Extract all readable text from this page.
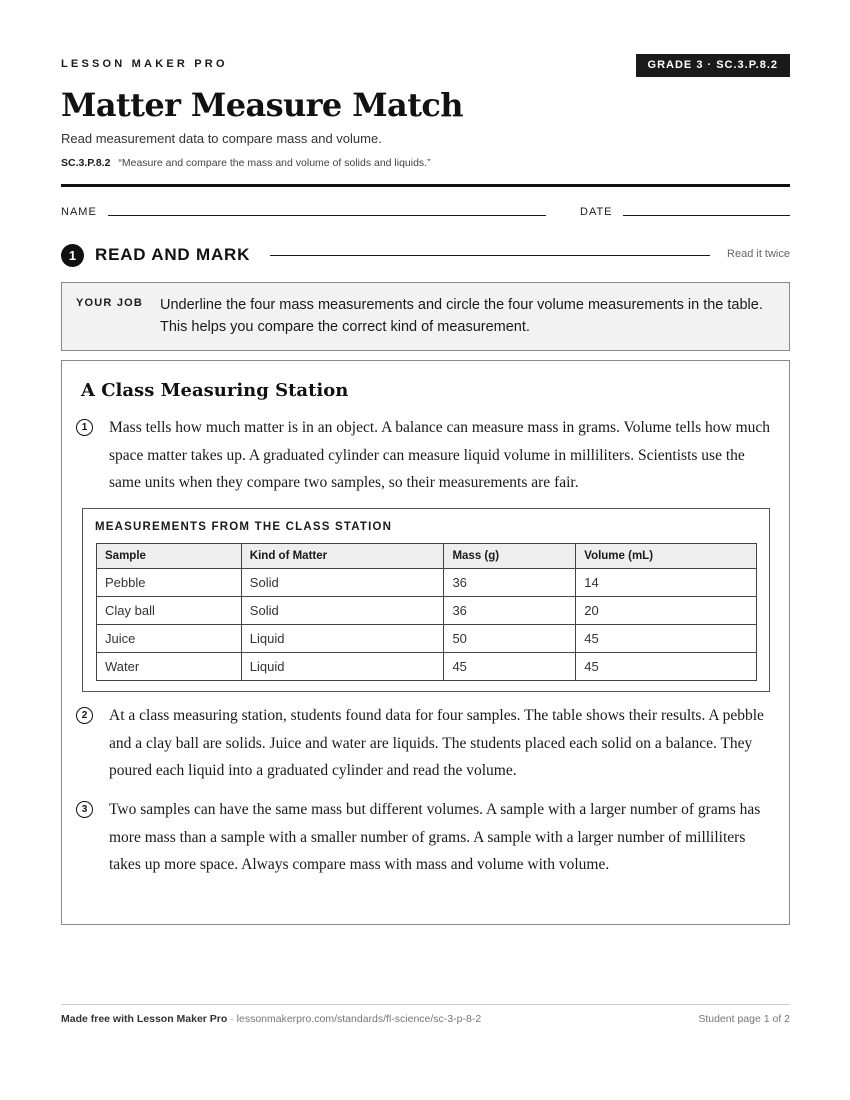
LESSON MAKER PRO	GRADE 3 · SC.3.P.8.2
Matter Measure Match
Read measurement data to compare mass and volume.
SC.3.P.8.2 “Measure and compare the mass and volume of solids and liquids.”
NAME	DATE
1	READ AND MARK	Read it twice
YOUR JOB Underline the four mass measurements and circle the four volume measurements in the table. This helps you compare the correct kind of measurement.
A Class Measuring Station
1	Mass tells how much matter is in an object. A balance can measure mass in grams. Volume tells how much space matter takes up. A graduated cylinder can measure liquid volume in milliliters. Scientists use the same units when they compare two samples, so their measurements are fair.
MEASUREMENTS FROM THE CLASS STATION
Sample	Kind of Matter	Mass (g)	Volume (mL)
Pebble	Solid	36	14
Clay ball	Solid	36	20
Juice	Liquid	50	45
Water	Liquid	45	45
2	At a class measuring station, students found data for four samples. The table shows their results. A pebble and a clay ball are solids. Juice and water are liquids. The students placed each solid on a balance. They poured each liquid into a graduated cylinder and read the volume.
3	Two samples can have the same mass but different volumes. A sample with a larger number of grams has more mass than a sample with a smaller number of grams. A sample with a larger number of milliliters takes up more space. Always compare mass with mass and volume with volume.
Made free with Lesson Maker Pro · lessonmakerpro.com/standards/fl-science/sc-3-p-8-2	Student page 1 of 2
